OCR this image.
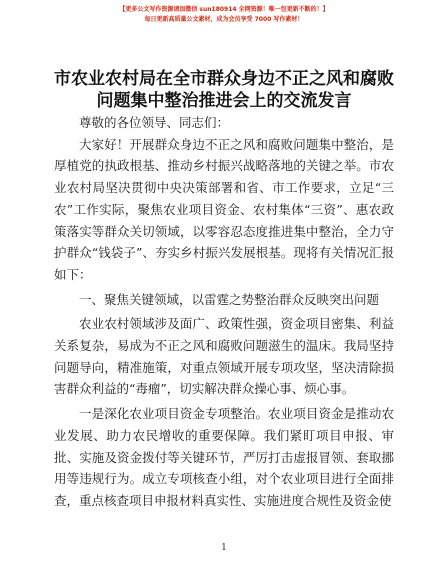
【更多公文写作资源请加微信 sun180914 全网资源！唯一包更新不断的！】
每日更新高质量公文素材，成为会员享受 7000 写作素材！
市农业农村局在全市群众身边不正之风和腐败
问题集中整治推进会上的交流发言
尊敬的各位领导、同志们：

大家好！开展群众身边不正之风和腐败问题集中整治，是厚植党的执政根基、推动乡村振兴战略落地的关键之举。市农业农村局坚决贯彻中央决策部署和省、市工作要求，立足“三农”工作实际，聚焦农业项目资金、农村集体“三资”、惠农政策落实等群众关切领域，以零容忍态度推进集中整治，全力守护群众“钱袋子”、夯实乡村振兴发展根基。现将有关情况汇报如下：

一、聚焦关键领域，以雷霆之势整治群众反映突出问题

农业农村领域涉及面广、政策性强，资金项目密集、利益关系复杂，易成为不正之风和腐败问题滋生的温床。我局坚持问题导向，精准施策，对重点领域开展专项攻坚，坚决清除损害群众利益的“毒瘤”，切实解决群众操心事、烦心事。

一是深化农业项目资金专项整治。农业项目资金是推动农业发展、助力农民增收的重要保障。我们紧盯项目申报、审批、实施及资金拨付等关键环节，严厉打击虚报冒领、套取挪用等违规行为。成立专项核查小组，对个农业项目进行全面排查，重点核查项目申报材料真实性、实施进度合规性及资金使

1
